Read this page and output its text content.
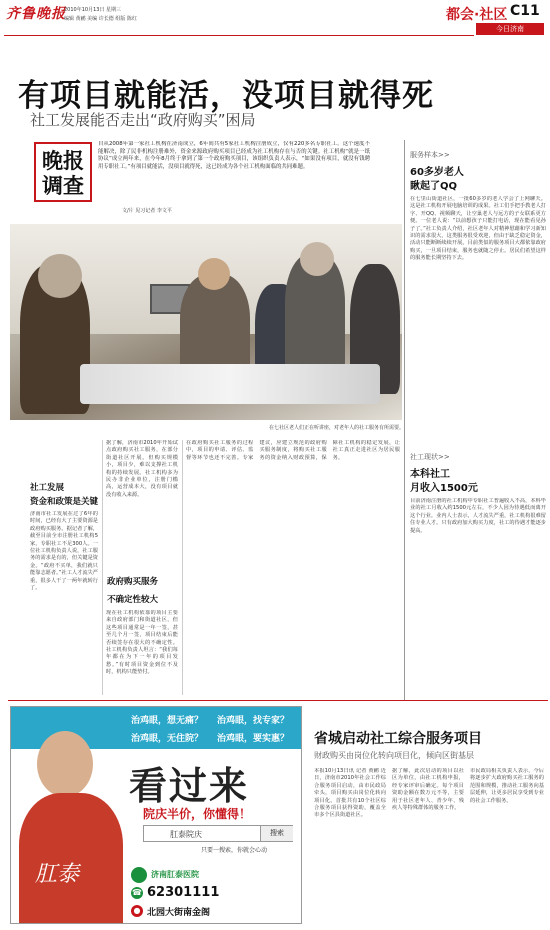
齐鲁晚报
2010年10月13日 星期三
编辑 黄鹂 美编 许长德 组版 陈红	都会·社区 C11
今日济南
有项目就能活，没项目就得死
社工发展能否走出“政府购买”困局
晚报调查
自从2008年第一家社工机构在济南成立，6年间共有5家社工机构注册成立，仅有220多名专职社工。这个速度不能解决，除了民非机构注册难外，资金来源政府购买项目已经成为社工机构存在与否的关键。社工机构“就是一纸协议”成立两年来，在今年8月终于拿到了第一个政府购买项目，该组织负责人表示，“如果没有项目，就没有钱聘用专职社工。”有项目就能活，没项目就得死，这已经成为各个社工机构面临的共同难题。
文/片 见习记者 李文平
在七社区老人们正在听讲座，对老年人的社工服务有所需要。
服务样本>>
60多岁老人
瞅起了QQ
在七里山街道社区，一批60多岁的老人学会了上网聊天。这是社工机构开展电脑培训的成果。社工们手把手教老人打字、开QQ、视频聊天，让空巢老人与远方的子女联系更方便。一位老人说：“以前想孩子只能打电话，现在能看见孙子了。”社工负责人介绍，社区老年人对精神慰藉和学习新知识的需求很大，这类服务很受欢迎，但由于缺乏稳定资金，活动只能断断续续开展。目前类似的服务项目大都依靠政府购买，一旦项目结束，服务也就随之停止。居民们希望这样的服务能长期坚持下去。
社工现状>>
本科社工
月收入1500元
目前济南注册的社工机构中专职社工普遍收入不高，本科毕业的社工月收入约1500元左右，不少人因为待遇低而离开这个行业。业内人士表示，人才流失严重，社工机构很难留住专业人才。只有政府加大购买力度，社工的待遇才能逐步提高。
社工发展
资金和政策是关键
济南市社工发展在过了6年的时间，已经有大了主要资源是政府购买服务。据记者了解，截至目前全市注册社工机构5家，专职社工不足300人。一位社工机构负责人说，社工服务的需求是有的，但关键是资金。“政府不买单，我们就只能靠志愿者。”社工人才流失严重，很多人干了一两年就转行了。
据了解，济南市2010年开始试点政府购买社工服务，在部分街道社区开展。但购买规模小，项目少，难以支撑社工机构的持续发展。社工机构多为民办非企业单位，注册门槛高，运营成本大，没有项目就没有收入来源。
政府购买服务
不确定性较大
现在社工机构依靠的项目主要来自政府部门和街道社区，但这些项目通常是一年一签，甚至几个月一签，项目结束后能否续签存在很大的不确定性。社工机构负责人坦言：“我们每年都在为下一年的项目发愁。”有时项目资金到位不及时，机构只能垫付。
在政府购买社工服务的过程中，项目的申请、评估、监督等环节也还不完善。专家建议，应建立规范的政府购买服务制度，将购买社工服务的资金纳入财政预算，保障社工机构的稳定发展，让社工真正走进社区为居民服务。
治鸡眼，想无痛？ 治鸡眼，找专家？
治鸡眼，无住院？ 治鸡眼，要实惠？
肛泰
看过来
院庆半价，你懂得！
肛泰院庆	搜索
只要一搜索，你就会心动
济南肛泰医院
☎ 62301111
● 北园大街南金阁
省城启动社工综合服务项目
财政购买由岗位化转向项目化，倾向区街基层
本报10月13日讯 记者 黄鹂 近日，济南市2010年社会工作综合服务项目启动，由市民政局牵头，项目购买由岗位化转向项目化。首批共有10个社区综合服务项目获得资助，覆盖全市多个区县街道社区。
据了解，此次启动的项目以社区为单位，由社工机构申报，经专家评审后确定。每个项目资助金额在数万元不等，主要用于社区老年人、青少年、残疾人等特殊群体的服务工作。
市民政局相关负责人表示，今后将逐步扩大政府购买社工服务的范围和规模，推动社工服务向基层延伸，让更多居民享受到专业的社会工作服务。
